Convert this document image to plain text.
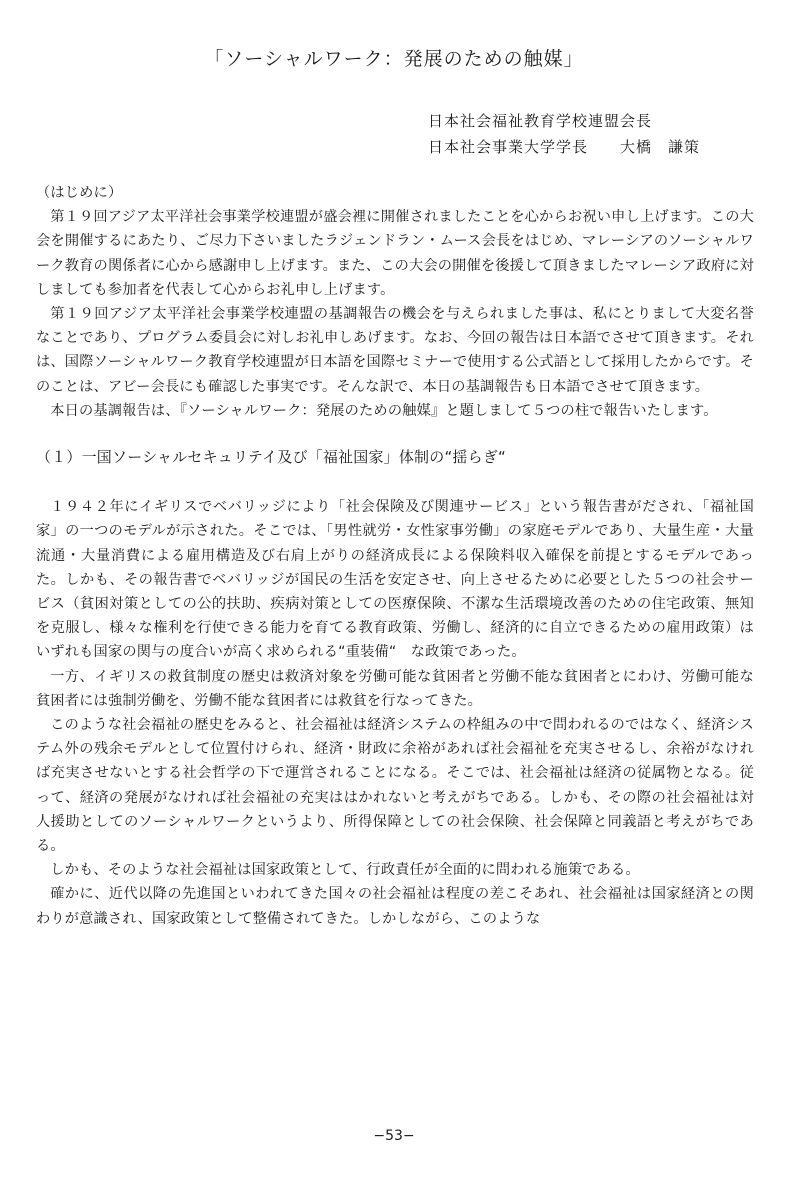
「ソーシャルワーク：発展のための触媒」
日本社会福祉教育学校連盟会長
日本社会事業大学学長　　大橋　謙策
（はじめに）

第１９回アジア太平洋社会事業学校連盟が盛会裡に開催されましたことを心からお祝い申し上げます。この大会を開催するにあたり、ご尽力下さいましたラジェンドラン・ムース会長をはじめ、マレーシアのソーシャルワーク教育の関係者に心から感謝申し上げます。また、この大会の開催を後援して頂きましたマレーシア政府に対しましても参加者を代表して心からお礼申し上げます。

第１９回アジア太平洋社会事業学校連盟の基調報告の機会を与えられました事は、私にとりまして大変名誉なことであり、プログラム委員会に対しお礼申しあげます。なお、今回の報告は日本語でさせて頂きます。それは、国際ソーシャルワーク教育学校連盟が日本語を国際セミナーで使用する公式語として採用したからです。そのことは、アビー会長にも確認した事実です。そんな訳で、本日の基調報告も日本語でさせて頂きます。

本日の基調報告は、『ソーシャルワーク：発展のための触媒』と題しまして５つの柱で報告いたします。

（１）一国ソーシャルセキュリテイ及び「福祉国家」体制の“揺らぎ“

１９４２年にイギリスでベバリッジにより「社会保険及び関連サービス」という報告書がだされ、「福祉国家」の一つのモデルが示された。そこでは、「男性就労・女性家事労働」の家庭モデルであり、大量生産・大量流通・大量消費による雇用構造及び右肩上がりの経済成長による保険料収入確保を前提とするモデルであった。しかも、その報告書でベバリッジが国民の生活を安定させ、向上させるために必要とした５つの社会サービス（貧困対策としての公的扶助、疾病対策としての医療保険、不潔な生活環境改善のための住宅政策、無知を克服し、様々な権利を行使できる能力を育てる教育政策、労働し、経済的に自立できるための雇用政策）はいずれも国家の関与の度合いが高く求められる“重装備“　な政策であった。

一方、イギリスの救貧制度の歴史は救済対象を労働可能な貧困者と労働不能な貧困者とにわけ、労働可能な貧困者には強制労働を、労働不能な貧困者には救貧を行なってきた。

このような社会福祉の歴史をみると、社会福祉は経済システムの枠組みの中で問われるのではなく、経済システム外の残余モデルとして位置付けられ、経済・財政に余裕があれば社会福祉を充実させるし、余裕がなければ充実させないとする社会哲学の下で運営されることになる。そこでは、社会福祉は経済の従属物となる。従って、経済の発展がなければ社会福祉の充実ははかれないと考えがちである。しかも、その際の社会福祉は対人援助としてのソーシャルワークというより、所得保障としての社会保険、社会保障と同義語と考えがちである。

しかも、そのような社会福祉は国家政策として、行政責任が全面的に問われる施策である。

確かに、近代以降の先進国といわれてきた国々の社会福祉は程度の差こそあれ、社会福祉は国家経済との関わりが意識され、国家政策として整備されてきた。しかしながら、このような

−53−
